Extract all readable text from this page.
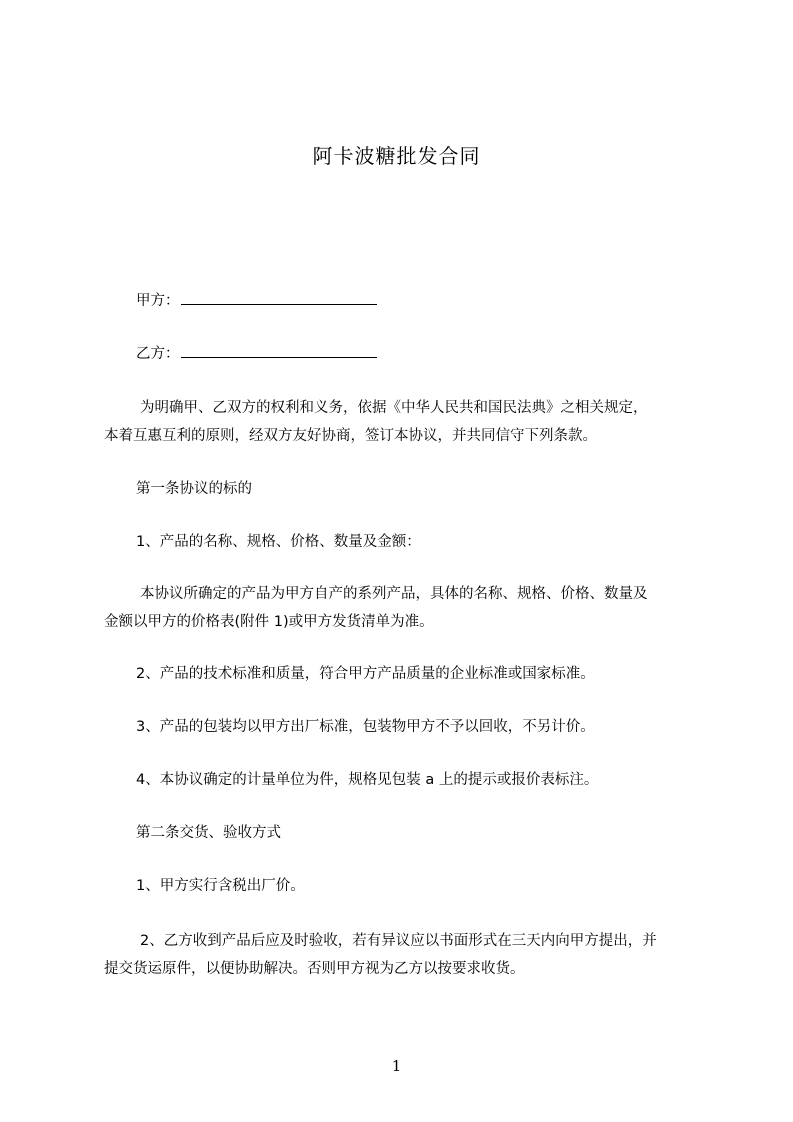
阿卡波糖批发合同
甲方：
乙方：
为明确甲、乙双方的权利和义务，依据《中华人民共和国民法典》之相关规定，
本着互惠互利的原则，经双方友好协商，签订本协议，并共同信守下列条款。
第一条协议的标的
1、产品的名称、规格、价格、数量及金额：
本协议所确定的产品为甲方自产的系列产品，具体的名称、规格、价格、数量及
金额以甲方的价格表(附件 1)或甲方发货清单为准。
2、产品的技术标准和质量，符合甲方产品质量的企业标准或国家标准。
3、产品的包装均以甲方出厂标准，包装物甲方不予以回收，不另计价。
4、本协议确定的计量单位为件，规格见包装 a 上的提示或报价表标注。
第二条交货、验收方式
1、甲方实行含税出厂价。
2、乙方收到产品后应及时验收，若有异议应以书面形式在三天内向甲方提出，并
提交货运原件，以便协助解决。否则甲方视为乙方以按要求收货。
1
